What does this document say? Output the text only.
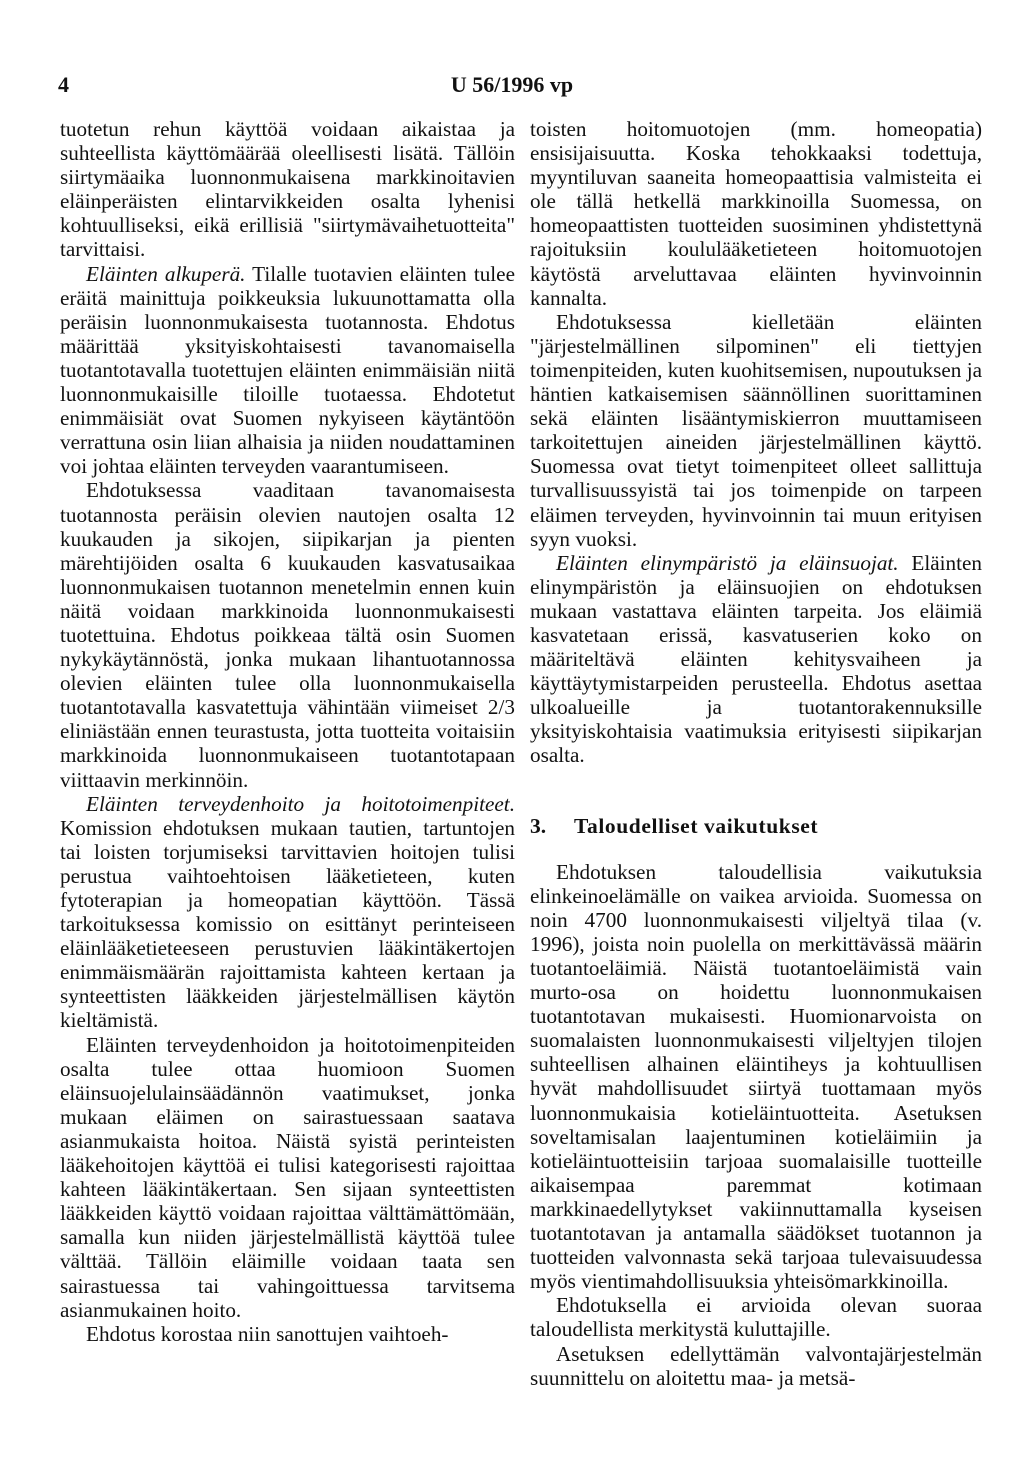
4	U 56/1996 vp

tuotetun rehun käyttöä voidaan aikaistaa ja suhteellista käyttömäärää oleellisesti lisätä. Tällöin siirtymäaika luonnonmukaisena markkinoitavien eläinperäisten elintarvikkeiden osalta lyhenisi kohtuulliseksi, eikä erillisiä "siirtymävaihetuotteita" tarvittaisi.

Eläinten alkuperä. Tilalle tuotavien eläinten tulee eräitä mainittuja poikkeuksia lukuunottamatta olla peräisin luonnonmukaisesta tuotannosta. Ehdotus määrittää yksityiskohtaisesti tavanomaisella tuotantotavalla tuotettujen eläinten enimmäisiän niitä luonnonmukaisille tiloille tuotaessa. Ehdotetut enimmäisiät ovat Suomen nykyiseen käytäntöön verrattuna osin liian alhaisia ja niiden noudattaminen voi johtaa eläinten terveyden vaarantumiseen.

Ehdotuksessa vaaditaan tavanomaisesta tuotannosta peräisin olevien nautojen osalta 12 kuukauden ja sikojen, siipikarjan ja pienten märehtijöiden osalta 6 kuukauden kasvatusaikaa luonnonmukaisen tuotannon menetelmin ennen kuin näitä voidaan markkinoida luonnonmukaisesti tuotettuina. Ehdotus poikkeaa tältä osin Suomen nykykäytännöstä, jonka mukaan lihantuotannossa olevien eläinten tulee olla luonnonmukaisella tuotantotavalla kasvatettuja vähintään viimeiset 2/3 eliniästään ennen teurastusta, jotta tuotteita voitaisiin markkinoida luonnonmukaiseen tuotantotapaan viittaavin merkinnöin.

Eläinten terveydenhoito ja hoitotoimenpiteet. Komission ehdotuksen mukaan tautien, tartuntojen tai loisten torjumiseksi tarvittavien hoitojen tulisi perustua vaihtoehtoisen lääketieteen, kuten fytoterapian ja homeopatian käyttöön. Tässä tarkoituksessa komissio on esittänyt perinteiseen eläinlääketieteeseen perustuvien lääkintäkertojen enimmäismäärän rajoittamista kahteen kertaan ja synteettisten lääkkeiden järjestelmällisen käytön kieltämistä.

Eläinten terveydenhoidon ja hoitotoimenpiteiden osalta tulee ottaa huomioon Suomen eläinsuojelulainsäädännön vaatimukset, jonka mukaan eläimen on sairastuessaan saatava asianmukaista hoitoa. Näistä syistä perinteisten lääkehoitojen käyttöä ei tulisi kategorisesti rajoittaa kahteen lääkintäkertaan. Sen sijaan synteettisten lääkkeiden käyttö voidaan rajoittaa välttämättömään, samalla kun niiden järjestelmällistä käyttöä tulee välttää. Tällöin eläimille voidaan taata sen sairastuessa tai vahingoittuessa tarvitsema asianmukainen hoito.

Ehdotus korostaa niin sanottujen vaihtoeh-

toisten hoitomuotojen (mm. homeopatia) ensisijaisuutta. Koska tehokkaaksi todettuja, myyntiluvan saaneita homeopaattisia valmisteita ei ole tällä hetkellä markkinoilla Suomessa, on homeopaattisten tuotteiden suosiminen yhdistettynä rajoituksiin koululääketieteen hoitomuotojen käytöstä arveluttavaa eläinten hyvinvoinnin kannalta.

Ehdotuksessa kielletään eläinten "järjestelmällinen silpominen" eli tiettyjen toimenpiteiden, kuten kuohitsemisen, nupoutuksen ja häntien katkaisemisen säännöllinen suorittaminen sekä eläinten lisääntymiskierron muuttamiseen tarkoitettujen aineiden järjestelmällinen käyttö. Suomessa ovat tietyt toimenpiteet olleet sallittuja turvallisuussyistä tai jos toimenpide on tarpeen eläimen terveyden, hyvinvoinnin tai muun erityisen syyn vuoksi.

Eläinten elinympäristö ja eläinsuojat. Eläinten elinympäristön ja eläinsuojien on ehdotuksen mukaan vastattava eläinten tarpeita. Jos eläimiä kasvatetaan erissä, kasvatuserien koko on määriteltävä eläinten kehitysvaiheen ja käyttäytymistarpeiden perusteella. Ehdotus asettaa ulkoalueille ja tuotantorakennuksille yksityiskohtaisia vaatimuksia erityisesti siipikarjan osalta.

3. Taloudelliset vaikutukset

Ehdotuksen taloudellisia vaikutuksia elinkeinoelämälle on vaikea arvioida. Suomessa on noin 4700 luonnonmukaisesti viljeltyä tilaa (v. 1996), joista noin puolella on merkittävässä määrin tuotantoeläimiä. Näistä tuotantoeläimistä vain murto-osa on hoidettu luonnonmukaisen tuotantotavan mukaisesti. Huomionarvoista on suomalaisten luonnonmukaisesti viljeltyjen tilojen suhteellisen alhainen eläintiheys ja kohtuullisen hyvät mahdollisuudet siirtyä tuottamaan myös luonnonmukaisia kotieläintuotteita. Asetuksen soveltamisalan laajentuminen kotieläimiin ja kotieläintuotteisiin tarjoaa suomalaisille tuotteille aikaisempaa paremmat kotimaan markkinaedellytykset vakiinnuttamalla kyseisen tuotantotavan ja antamalla säädökset tuotannon ja tuotteiden valvonnasta sekä tarjoaa tulevaisuudessa myös vientimahdollisuuksia yhteisömarkkinoilla.

Ehdotuksella ei arvioida olevan suoraa taloudellista merkitystä kuluttajille.

Asetuksen edellyttämän valvontajärjestelmän suunnittelu on aloitettu maa- ja metsä-
